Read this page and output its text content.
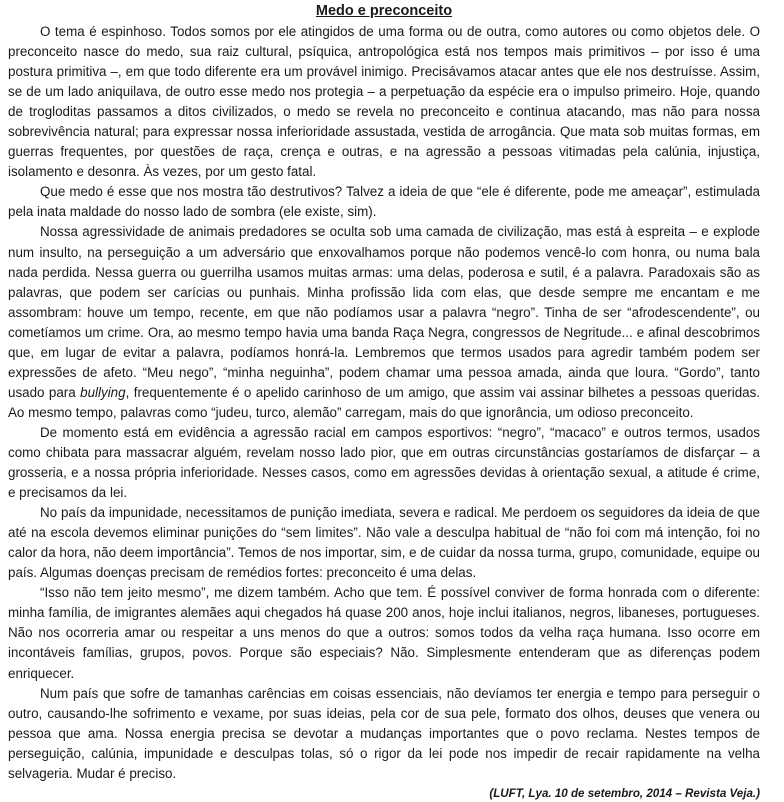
Medo e preconceito

O tema é espinhoso. Todos somos por ele atingidos de uma forma ou de outra, como autores ou como objetos dele. O preconceito nasce do medo, sua raiz cultural, psíquica, antropológica está nos tempos mais primitivos – por isso é uma postura primitiva –, em que todo diferente era um provável inimigo. Precisávamos atacar antes que ele nos destruísse. Assim, se de um lado aniquilava, de outro esse medo nos protegia – a perpetuação da espécie era o impulso primeiro. Hoje, quando de trogloditas passamos a ditos civilizados, o medo se revela no preconceito e continua atacando, mas não para nossa sobrevivência natural; para expressar nossa inferioridade assustada, vestida de arrogância. Que mata sob muitas formas, em guerras frequentes, por questões de raça, crença e outras, e na agressão a pessoas vitimadas pela calúnia, injustiça, isolamento e desonra. Às vezes, por um gesto fatal.

Que medo é esse que nos mostra tão destrutivos? Talvez a ideia de que “ele é diferente, pode me ameaçar”, estimulada pela inata maldade do nosso lado de sombra (ele existe, sim).

Nossa agressividade de animais predadores se oculta sob uma camada de civilização, mas está à espreita – e explode num insulto, na perseguição a um adversário que enxovalhamos porque não podemos vencê-lo com honra, ou numa bala nada perdida. Nessa guerra ou guerrilha usamos muitas armas: uma delas, poderosa e sutil, é a palavra. Paradoxais são as palavras, que podem ser carícias ou punhais. Minha profissão lida com elas, que desde sempre me encantam e me assombram: houve um tempo, recente, em que não podíamos usar a palavra “negro”. Tinha de ser “afrodescendente”, ou cometíamos um crime. Ora, ao mesmo tempo havia uma banda Raça Negra, congressos de Negritude... e afinal descobrimos que, em lugar de evitar a palavra, podíamos honrá-la. Lembremos que termos usados para agredir também podem ser expressões de afeto. “Meu nego”, “minha neguinha”, podem chamar uma pessoa amada, ainda que loura. “Gordo”, tanto usado para bullying, frequentemente é o apelido carinhoso de um amigo, que assim vai assinar bilhetes a pessoas queridas. Ao mesmo tempo, palavras como “judeu, turco, alemão” carregam, mais do que ignorância, um odioso preconceito.

De momento está em evidência a agressão racial em campos esportivos: “negro”, “macaco” e outros termos, usados como chibata para massacrar alguém, revelam nosso lado pior, que em outras circunstâncias gostaríamos de disfarçar – a grosseria, e a nossa própria inferioridade. Nesses casos, como em agressões devidas à orientação sexual, a atitude é crime, e precisamos da lei.

No país da impunidade, necessitamos de punição imediata, severa e radical. Me perdoem os seguidores da ideia de que até na escola devemos eliminar punições do “sem limites”. Não vale a desculpa habitual de “não foi com má intenção, foi no calor da hora, não deem importância”. Temos de nos importar, sim, e de cuidar da nossa turma, grupo, comunidade, equipe ou país. Algumas doenças precisam de remédios fortes: preconceito é uma delas.

“Isso não tem jeito mesmo”, me dizem também. Acho que tem. É possível conviver de forma honrada com o diferente: minha família, de imigrantes alemães aqui chegados há quase 200 anos, hoje inclui italianos, negros, libaneses, portugueses. Não nos ocorreria amar ou respeitar a uns menos do que a outros: somos todos da velha raça humana. Isso ocorre em incontáveis famílias, grupos, povos. Porque são especiais? Não. Simplesmente entenderam que as diferenças podem enriquecer.

Num país que sofre de tamanhas carências em coisas essenciais, não devíamos ter energia e tempo para perseguir o outro, causando-lhe sofrimento e vexame, por suas ideias, pela cor de sua pele, formato dos olhos, deuses que venera ou pessoa que ama. Nossa energia precisa se devotar a mudanças importantes que o povo reclama. Nestes tempos de perseguição, calúnia, impunidade e desculpas tolas, só o rigor da lei pode nos impedir de recair rapidamente na velha selvageria. Mudar é preciso.

(LUFT, Lya. 10 de setembro, 2014 – Revista Veja.)
